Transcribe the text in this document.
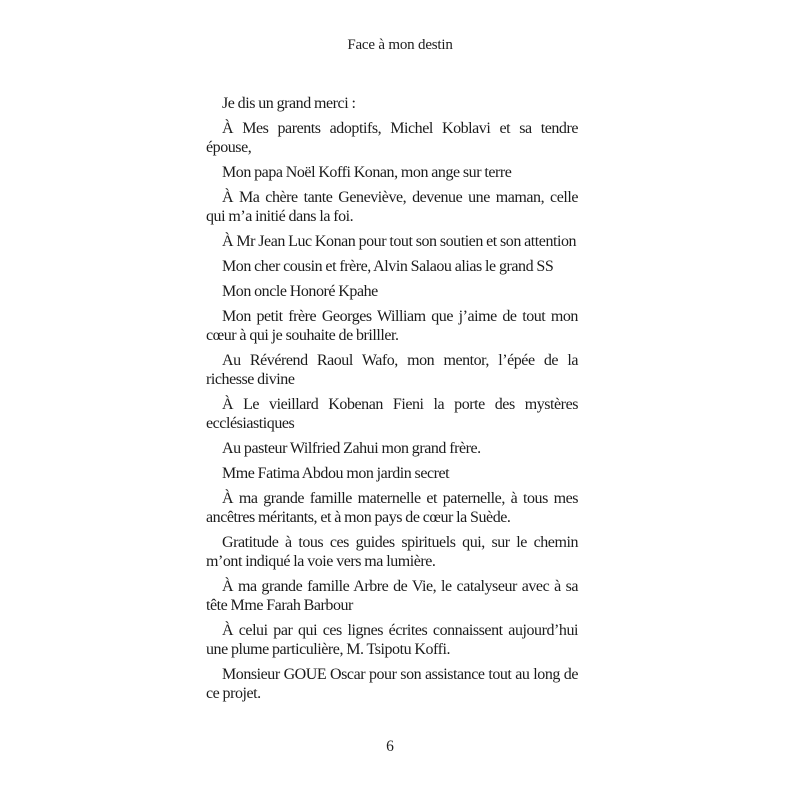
Face à mon destin

Je dis un grand merci :

À Mes parents adoptifs, Michel Koblavi et sa tendre épouse,

Mon papa Noël Koffi Konan, mon ange sur terre

À Ma chère tante Geneviève, devenue une maman, celle qui m’a initié dans la foi.

À Mr Jean Luc Konan pour tout son soutien et son attention

Mon cher cousin et frère, Alvin Salaou alias le grand SS

Mon oncle Honoré Kpahe

Mon petit frère Georges William que j’aime de tout mon cœur à qui je souhaite de brilller.

Au Révérend Raoul Wafo, mon mentor, l’épée de la richesse divine

À Le vieillard Kobenan Fieni la porte des mystères ecclésiastiques

Au pasteur Wilfried Zahui mon grand frère.

Mme Fatima Abdou mon jardin secret

À ma grande famille maternelle et paternelle, à tous mes ancêtres méritants, et à mon pays de cœur la Suède.

Gratitude à tous ces guides spirituels qui, sur le chemin m’ont indiqué la voie vers ma lumière.

À ma grande famille Arbre de Vie, le catalyseur avec à sa tête Mme Farah Barbour

À celui par qui ces lignes écrites connaissent aujourd’hui une plume particulière, M. Tsipotu Koffi.

Monsieur GOUE Oscar pour son assistance tout au long de ce projet.

6
